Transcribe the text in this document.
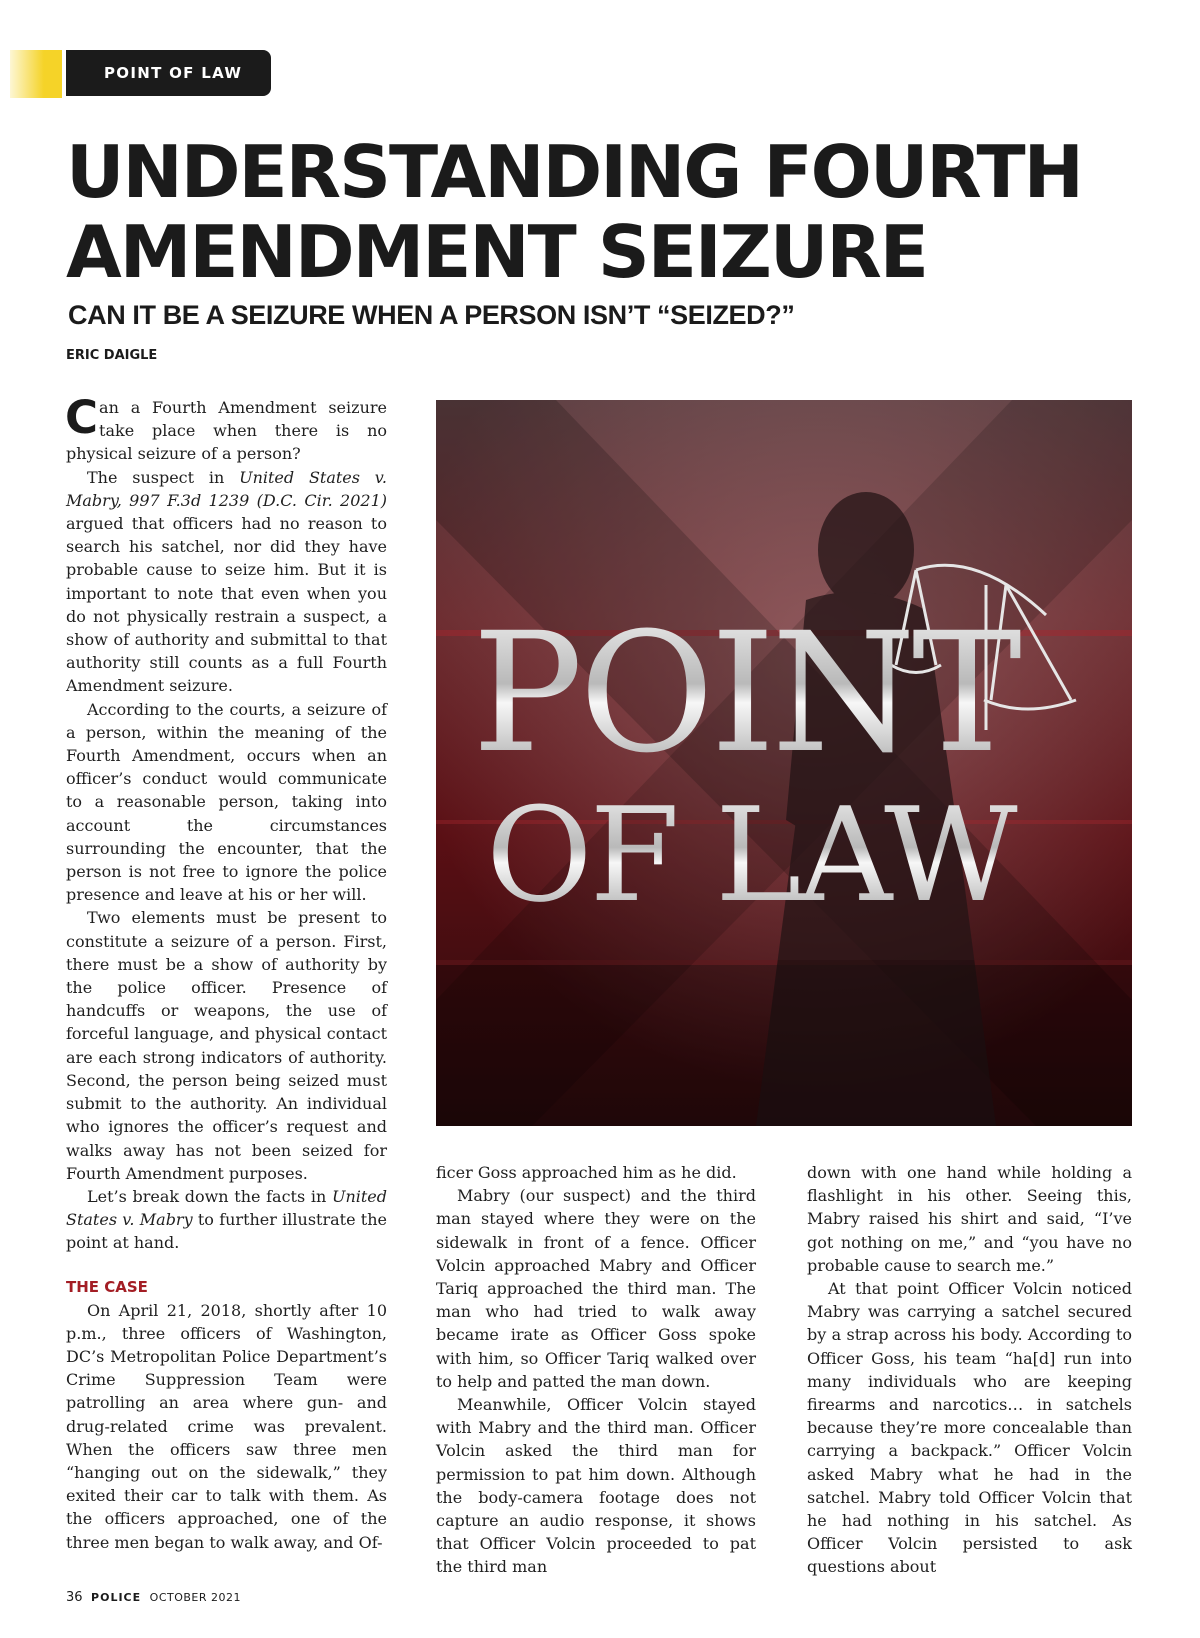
POINT OF LAW
UNDERSTANDING FOURTH
AMENDMENT SEIZURE
CAN IT BE A SEIZURE WHEN A PERSON ISN’T “SEIZED?”
ERIC DAIGLE

Can a Fourth Amendment seizure take place when there is no physical seizure of a person?

The suspect in United States v. Mabry, 997 F.3d 1239 (D.C. Cir. 2021) argued that officers had no reason to search his satchel, nor did they have probable cause to seize him. But it is important to note that even when you do not physically restrain a suspect, a show of authority and submittal to that authority still counts as a full Fourth Amendment seizure.

According to the courts, a seizure of a person, within the meaning of the Fourth Amendment, occurs when an officer’s conduct would communicate to a reasonable person, taking into account the circumstances surrounding the encounter, that the person is not free to ignore the police presence and leave at his or her will.

Two elements must be present to constitute a seizure of a person. First, there must be a show of authority by the police officer. Presence of handcuffs or weapons, the use of forceful language, and physical contact are each strong indicators of authority. Second, the person being seized must submit to the authority. An individual who ignores the officer’s request and walks away has not been seized for Fourth Amendment purposes.

Let’s break down the facts in United States v. Mabry to further illustrate the point at hand.

THE CASE

On April 21, 2018, shortly after 10 p.m., three officers of Washington, DC’s Metropolitan Police Department’s Crime Suppression Team were patrolling an area where gun- and drug-related crime was prevalent. When the officers saw three men “hanging out on the sidewalk,” they exited their car to talk with them. As the officers approached, one of the three men began to walk away, and Of-

POINT
OF LAW

ficer Goss approached him as he did.

Mabry (our suspect) and the third man stayed where they were on the sidewalk in front of a fence. Officer Volcin approached Mabry and Officer Tariq approached the third man. The man who had tried to walk away became irate as Officer Goss spoke with him, so Officer Tariq walked over to help and patted the man down.

Meanwhile, Officer Volcin stayed with Mabry and the third man. Officer Volcin asked the third man for permission to pat him down. Although the body-camera footage does not capture an audio response, it shows that Officer Volcin proceeded to pat the third man

down with one hand while holding a flashlight in his other. Seeing this, Mabry raised his shirt and said, “I’ve got nothing on me,” and “you have no probable cause to search me.”

At that point Officer Volcin noticed Mabry was carrying a satchel secured by a strap across his body. According to Officer Goss, his team “ha[d] run into many individuals who are keeping firearms and narcotics… in satchels because they’re more concealable than carrying a backpack.” Officer Volcin asked Mabry what he had in the satchel. Mabry told Officer Volcin that he had nothing in his satchel. As Officer Volcin persisted to ask questions about

36 POLICE OCTOBER 2021
